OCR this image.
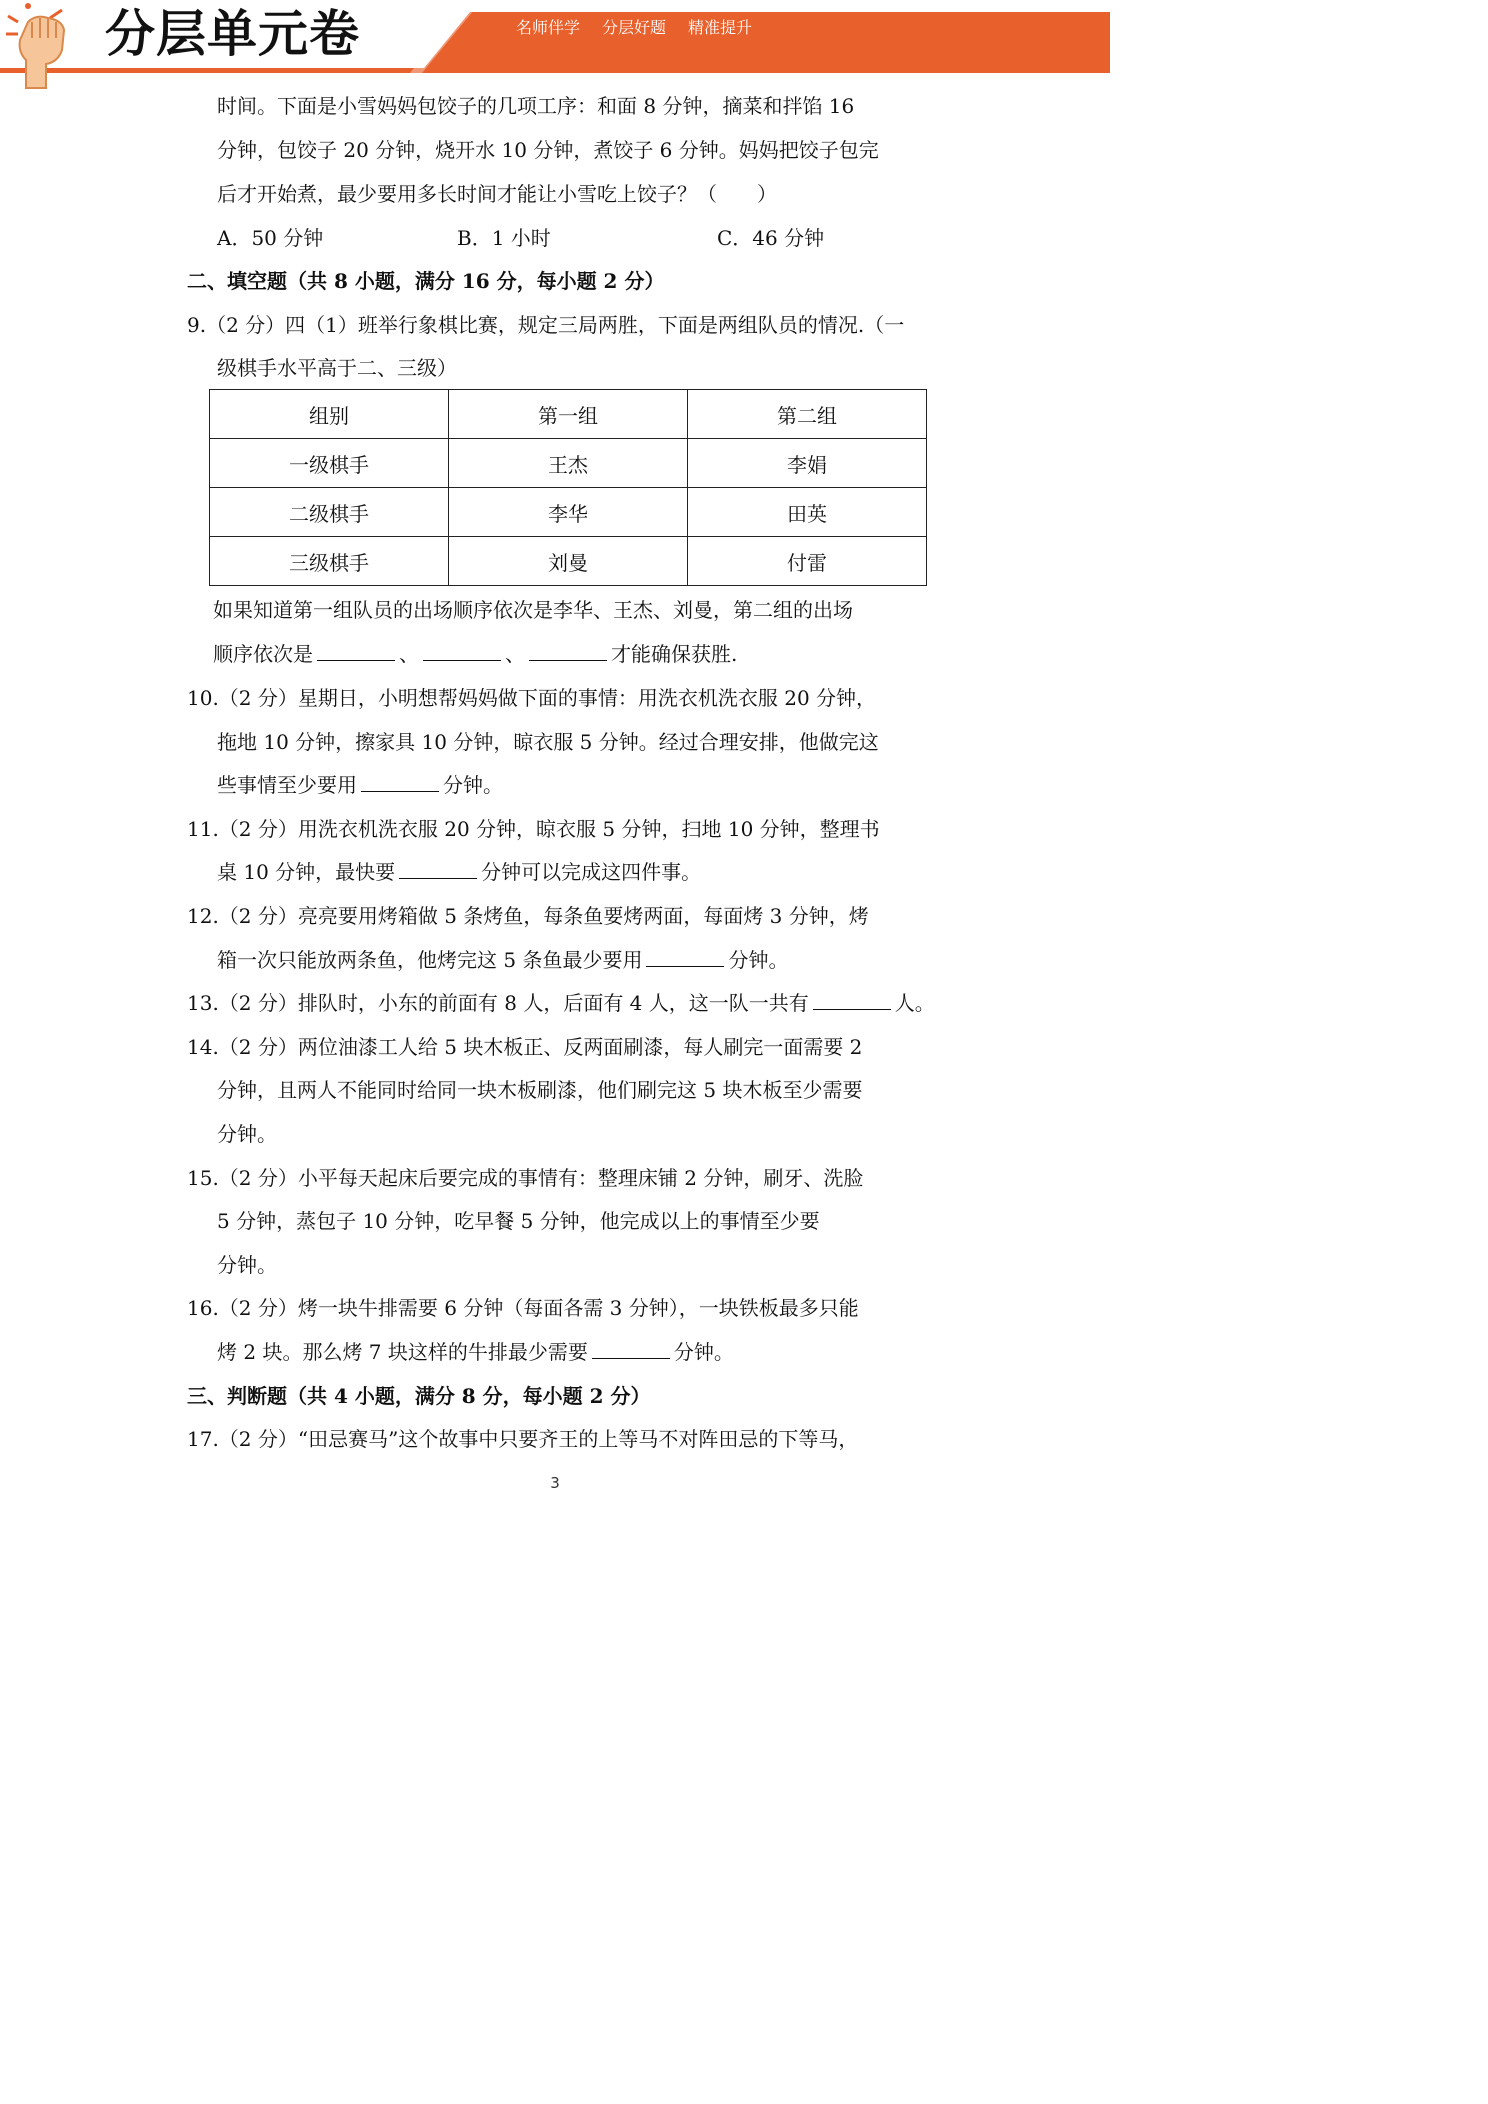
分层单元卷	名师伴学 分层好题 精准提升
时间。下面是小雪妈妈包饺子的几项工序：和面 8 分钟，摘菜和拌馅 16
分钟，包饺子 20 分钟，烧开水 10 分钟，煮饺子 6 分钟。妈妈把饺子包完
后才开始煮，最少要用多长时间才能让小雪吃上饺子？（　　）
A．50 分钟	B．1 小时	C．46 分钟
二、填空题（共 8 小题，满分 16 分，每小题 2 分）
9.（2 分）四（1）班举行象棋比赛，规定三局两胜，下面是两组队员的情况.（一
级棋手水平高于二、三级）
组别	第一组	第二组
一级棋手	王杰	李娟
二级棋手	李华	田英
三级棋手	刘曼	付雷
如果知道第一组队员的出场顺序依次是李华、王杰、刘曼，第二组的出场
顺序依次是	、	、	才能确保获胜.
10.（2 分）星期日，小明想帮妈妈做下面的事情：用洗衣机洗衣服 20 分钟，
拖地 10 分钟，擦家具 10 分钟，晾衣服 5 分钟。经过合理安排，他做完这
些事情至少要用	分钟。
11.（2 分）用洗衣机洗衣服 20 分钟，晾衣服 5 分钟，扫地 10 分钟，整理书
桌 10 分钟，最快要	分钟可以完成这四件事。
12.（2 分）亮亮要用烤箱做 5 条烤鱼，每条鱼要烤两面，每面烤 3 分钟，烤
箱一次只能放两条鱼，他烤完这 5 条鱼最少要用	分钟。
13.（2 分）排队时，小东的前面有 8 人，后面有 4 人，这一队一共有	人。
14.（2 分）两位油漆工人给 5 块木板正、反两面刷漆，每人刷完一面需要 2
分钟，且两人不能同时给同一块木板刷漆，他们刷完这 5 块木板至少需要
分钟。
15.（2 分）小平每天起床后要完成的事情有：整理床铺 2 分钟，刷牙、洗脸
5 分钟，蒸包子 10 分钟，吃早餐 5 分钟，他完成以上的事情至少要
分钟。
16.（2 分）烤一块牛排需要 6 分钟（每面各需 3 分钟），一块铁板最多只能
烤 2 块。那么烤 7 块这样的牛排最少需要	分钟。
三、判断题（共 4 小题，满分 8 分，每小题 2 分）
17.（2 分）“田忌赛马”这个故事中只要齐王的上等马不对阵田忌的下等马，
3
